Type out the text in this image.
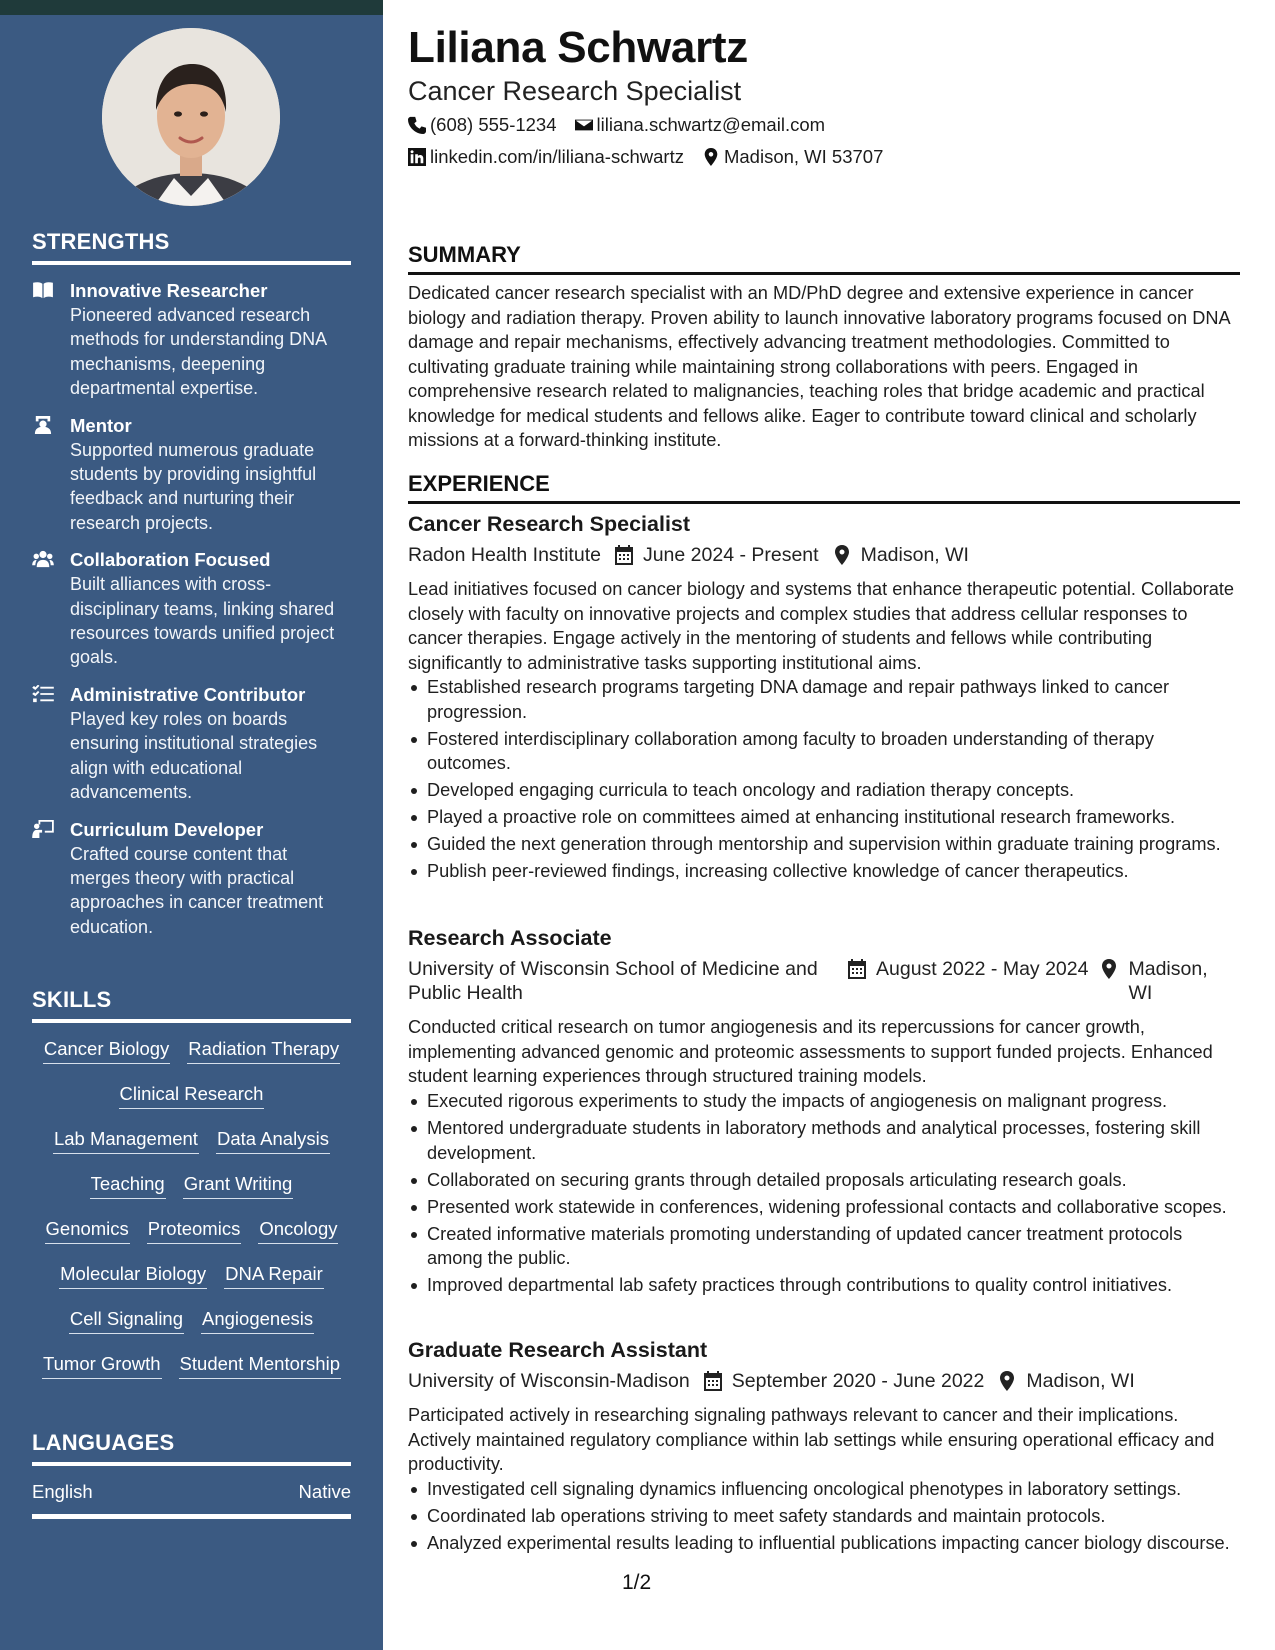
STRENGTHS
Innovative Researcher
Pioneered advanced research methods for understanding DNA mechanisms, deepening departmental expertise.
Mentor
Supported numerous graduate students by providing insightful feedback and nurturing their research projects.
Collaboration Focused
Built alliances with cross-disciplinary teams, linking shared resources towards unified project goals.
Administrative Contributor
Played key roles on boards ensuring institutional strategies align with educational advancements.
Curriculum Developer
Crafted course content that merges theory with practical approaches in cancer treatment education.
SKILLS
Cancer Biology Radiation Therapy
Clinical Research
Lab Management Data Analysis
Teaching Grant Writing
Genomics Proteomics Oncology
Molecular Biology DNA Repair
Cell Signaling Angiogenesis
Tumor Growth Student Mentorship
LANGUAGES
English	Native
Liliana Schwartz
Cancer Research Specialist
(608) 555-1234 liliana.schwartz@email.com
linkedin.com/in/liliana-schwartz Madison, WI 53707
SUMMARY
Dedicated cancer research specialist with an MD/PhD degree and extensive experience in cancer biology and radiation therapy. Proven ability to launch innovative laboratory programs focused on DNA damage and repair mechanisms, effectively advancing treatment methodologies. Committed to cultivating graduate training while maintaining strong collaborations with peers. Engaged in comprehensive research related to malignancies, teaching roles that bridge academic and practical knowledge for medical students and fellows alike. Eager to contribute toward clinical and scholarly missions at a forward-thinking institute.
EXPERIENCE
Cancer Research Specialist
Radon Health Institute June 2024 - Present Madison, WI
Lead initiatives focused on cancer biology and systems that enhance therapeutic potential. Collaborate closely with faculty on innovative projects and complex studies that address cellular responses to cancer therapies. Engage actively in the mentoring of students and fellows while contributing significantly to administrative tasks supporting institutional aims.
Established research programs targeting DNA damage and repair pathways linked to cancer progression.
Fostered interdisciplinary collaboration among faculty to broaden understanding of therapy outcomes.
Developed engaging curricula to teach oncology and radiation therapy concepts.
Played a proactive role on committees aimed at enhancing institutional research frameworks.
Guided the next generation through mentorship and supervision within graduate training programs.
Publish peer-reviewed findings, increasing collective knowledge of cancer therapeutics.
Research Associate
University of Wisconsin School of Medicine and Public Health
August 2022 - May 2024 Madison, WI
Conducted critical research on tumor angiogenesis and its repercussions for cancer growth, implementing advanced genomic and proteomic assessments to support funded projects. Enhanced student learning experiences through structured training models.
Executed rigorous experiments to study the impacts of angiogenesis on malignant progress.
Mentored undergraduate students in laboratory methods and analytical processes, fostering skill development.
Collaborated on securing grants through detailed proposals articulating research goals.
Presented work statewide in conferences, widening professional contacts and collaborative scopes.
Created informative materials promoting understanding of updated cancer treatment protocols among the public.
Improved departmental lab safety practices through contributions to quality control initiatives.
Graduate Research Assistant
University of Wisconsin-Madison September 2020 - June 2022 Madison, WI
Participated actively in researching signaling pathways relevant to cancer and their implications. Actively maintained regulatory compliance within lab settings while ensuring operational efficacy and productivity.
Investigated cell signaling dynamics influencing oncological phenotypes in laboratory settings.
Coordinated lab operations striving to meet safety standards and maintain protocols.
Analyzed experimental results leading to influential publications impacting cancer biology discourse.
1/2
